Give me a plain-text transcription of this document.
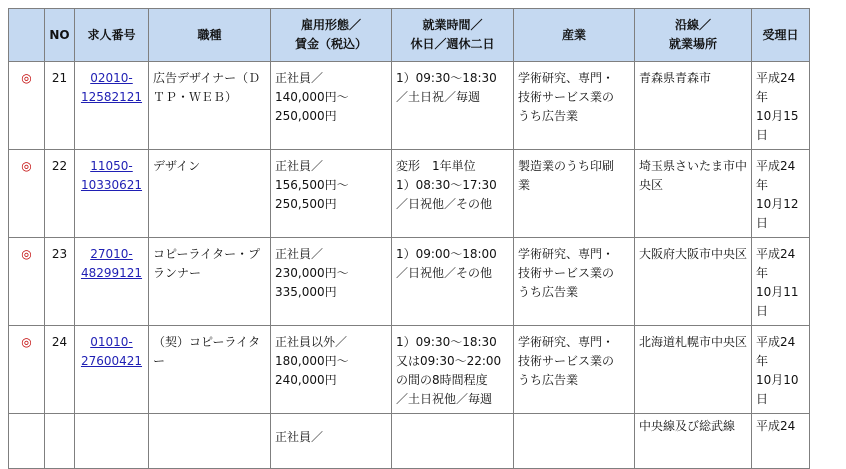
	NO	求人番号	職種	雇用形態／
賃金（税込）	就業時間／
休日／週休二日	産業	沿線／
就業場所	受理日
◎	21	02010-
12582121	広告デザイナー（ＤＴＰ・ＷＥＢ）	正社員／
140,000円～
250,000円	1）09:30～18:30
／土日祝／毎週	学術研究、専門・
技術サービス業の
うち広告業	青森県青森市	平成24
年
10月15
日
◎	22	11050-
10330621	デザイン	正社員／
156,500円～
250,500円	変形　1年単位
1）08:30～17:30
／日祝他／その他	製造業のうち印刷
業	埼玉県さいたま市中央区	平成24
年
10月12
日
◎	23	27010-
48299121	コピーライター・プランナー	正社員／
230,000円～
335,000円	1）09:00～18:00
／日祝他／その他	学術研究、専門・
技術サービス業の
うち広告業	大阪府大阪市中央区	平成24
年
10月11
日
◎	24	01010-
27600421	（契）コピーライター	正社員以外／
180,000円～
240,000円	1）09:30～18:30
又は09:30～22:00
の間の8時間程度
／土日祝他／毎週	学術研究、専門・
技術サービス業の
うち広告業	北海道札幌市中央区	平成24
年
10月10
日
				正社員／			中央線及び総武線	平成24
